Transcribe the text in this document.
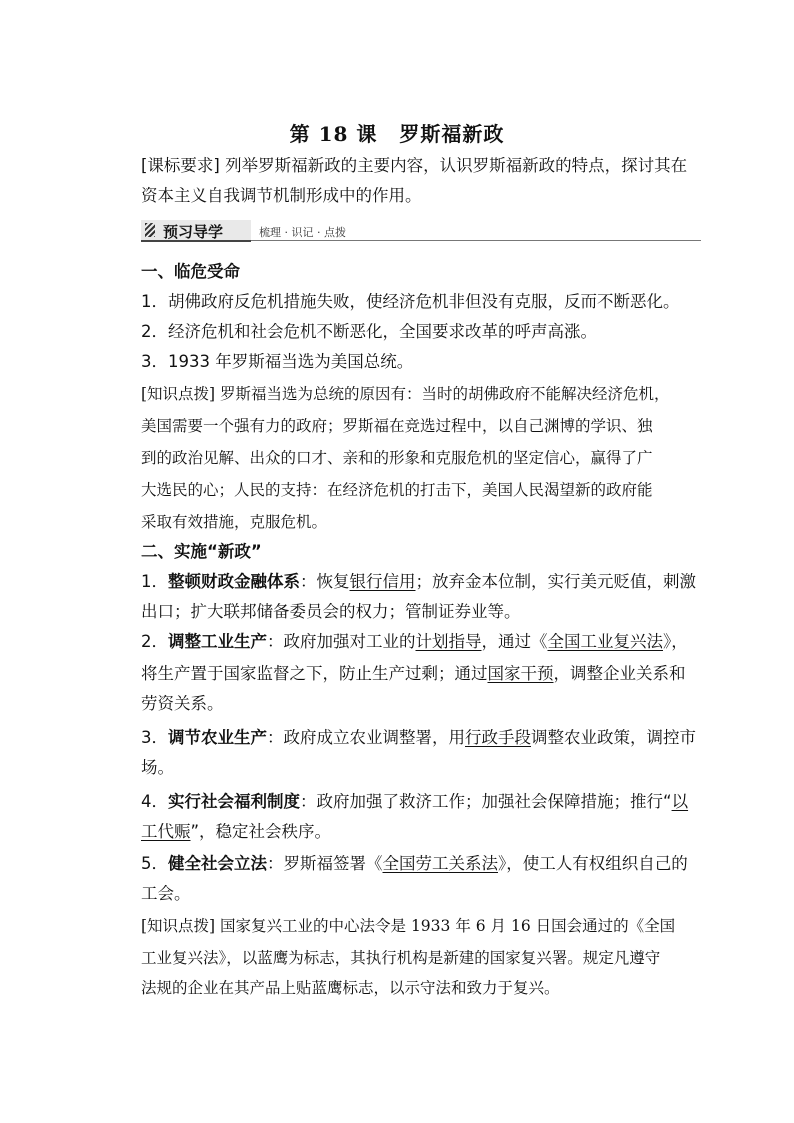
第 18 课 罗斯福新政
[课标要求] 列举罗斯福新政的主要内容，认识罗斯福新政的特点，探讨其在
资本主义自我调节机制形成中的作用。
预习导学	梳理 · 识记 · 点拨
一、临危受命
1．胡佛政府反危机措施失败，使经济危机非但没有克服，反而不断恶化。
2．经济危机和社会危机不断恶化，全国要求改革的呼声高涨。
3．1933 年罗斯福当选为美国总统。
[知识点拨] 罗斯福当选为总统的原因有：当时的胡佛政府不能解决经济危机，
美国需要一个强有力的政府；罗斯福在竞选过程中，以自己渊博的学识、独
到的政治见解、出众的口才、亲和的形象和克服危机的坚定信心，赢得了广
大选民的心；人民的支持：在经济危机的打击下，美国人民渴望新的政府能
采取有效措施，克服危机。
二、实施“新政”
1．整顿财政金融体系：恢复银行信用；放弃金本位制，实行美元贬值，刺激
出口；扩大联邦储备委员会的权力；管制证券业等。
2．调整工业生产：政府加强对工业的计划指导，通过《全国工业复兴法》，
将生产置于国家监督之下，防止生产过剩；通过国家干预，调整企业关系和
劳资关系。
3．调节农业生产：政府成立农业调整署，用行政手段调整农业政策，调控市
场。
4．实行社会福利制度：政府加强了救济工作；加强社会保障措施；推行“以
工代赈”，稳定社会秩序。
5．健全社会立法：罗斯福签署《全国劳工关系法》，使工人有权组织自己的
工会。
[知识点拨] 国家复兴工业的中心法令是 1933 年 6 月 16 日国会通过的《全国
工业复兴法》，以蓝鹰为标志，其执行机构是新建的国家复兴署。规定凡遵守
法规的企业在其产品上贴蓝鹰标志，以示守法和致力于复兴。
